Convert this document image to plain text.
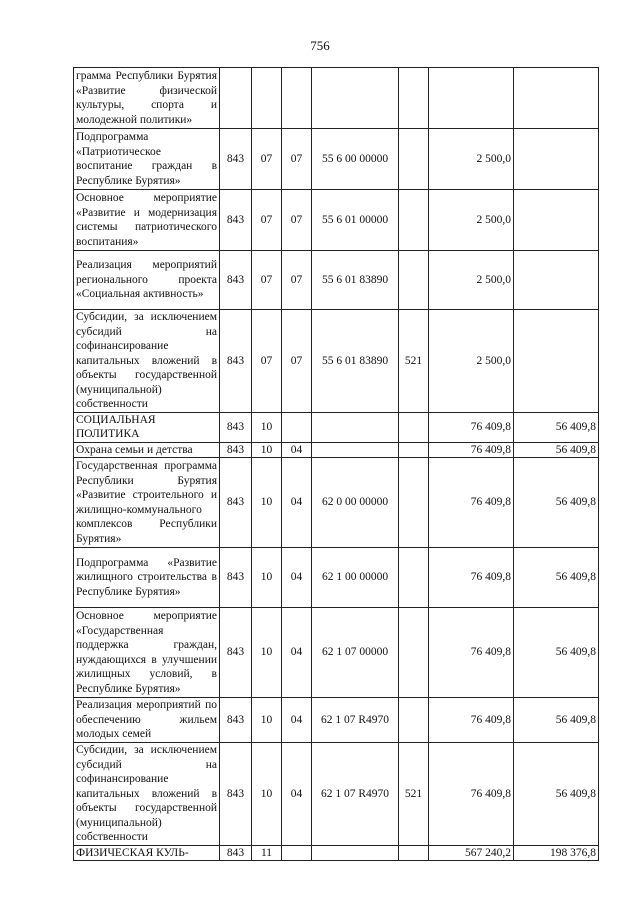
756
грамма Республики Бурятия «Развитие физической культуры, спорта и молодежной политики»							
Подпрограмма «Патриотическое воспитание граждан в Республике Бурятия»	843	07	07	55 6 00 00000		2 500,0	
Основное мероприятие «Развитие и модернизация системы патриотического воспитания»	843	07	07	55 6 01 00000		2 500,0	
Реализация мероприятий регионального проекта «Социальная активность»	843	07	07	55 6 01 83890		2 500,0	
Субсидии, за исключением субсидий на софинансирование капитальных вложений в объекты государственной (муниципальной) собственности	843	07	07	55 6 01 83890	521	2 500,0	
СОЦИАЛЬНАЯ ПОЛИТИКА	843	10				76 409,8	56 409,8
Охрана семьи и детства	843	10	04			76 409,8	56 409,8
Государственная программа Республики Бурятия «Развитие строительного и жилищно-коммунального комплексов Республики Бурятия»	843	10	04	62 0 00 00000		76 409,8	56 409,8
Подпрограмма «Развитие жилищного строительства в Республике Бурятия»	843	10	04	62 1 00 00000		76 409,8	56 409,8
Основное мероприятие «Государственная поддержка граждан, нуждающихся в улучшении жилищных условий, в Республике Бурятия»	843	10	04	62 1 07 00000		76 409,8	56 409,8
Реализация мероприятий по обеспечению жильем молодых семей	843	10	04	62 1 07 R4970		76 409,8	56 409,8
Субсидии, за исключением субсидий на софинансирование капитальных вложений в объекты государственной (муниципальной) собственности	843	10	04	62 1 07 R4970	521	76 409,8	56 409,8
ФИЗИЧЕСКАЯ КУЛЬ-	843	11				567 240,2	198 376,8
